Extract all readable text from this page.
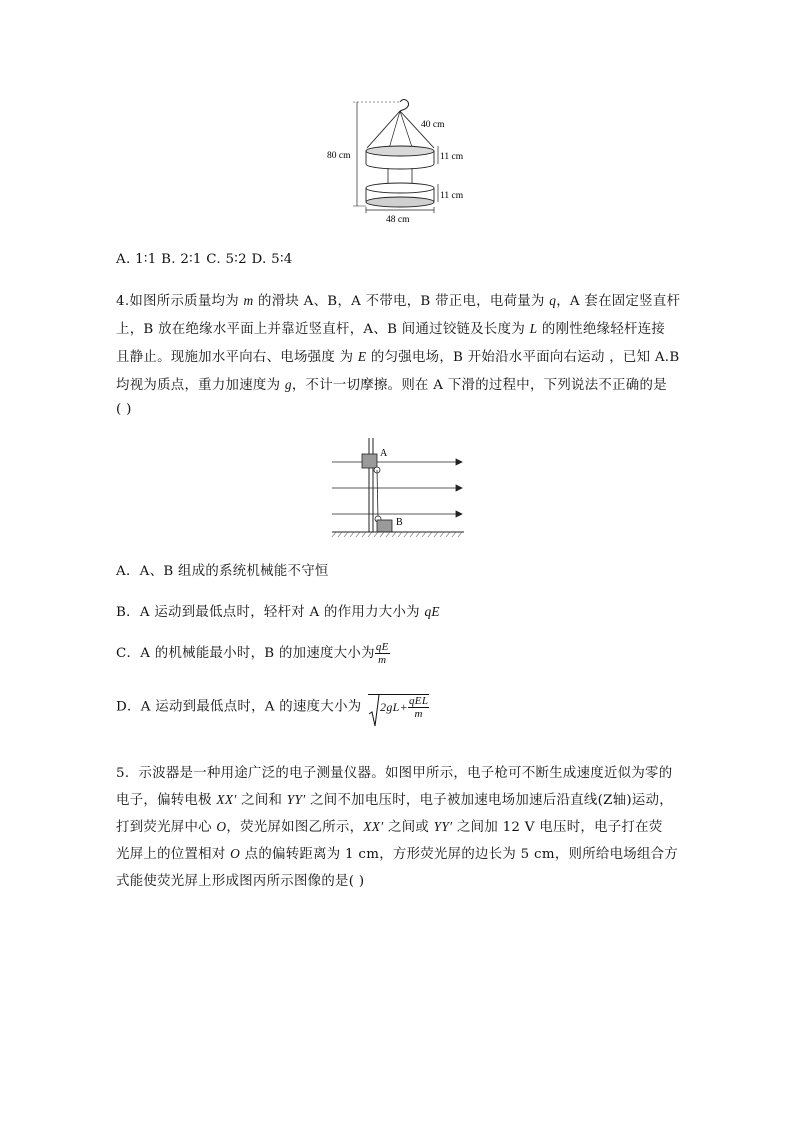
40 cm
80 cm	11 cm
11 cm
48 cm
A. 1∶1 B. 2∶1 C. 5∶2 D. 5∶4
4.如图所示质量均为 m 的滑块 A、B，A 不带电，B 带正电，电荷量为 q，A 套在固定竖直杆
上，B 放在绝缘水平面上并靠近竖直杆，A、B 间通过铰链及长度为 L 的刚性绝缘轻杆连接
且静止。现施加水平向右、电场强度 为 E 的匀强电场，B 开始沿水平面向右运动 ，已知 A.B
均视为质点，重力加速度为 g，不计一切摩擦。则在 A 下滑的过程中，下列说法不正确的是
( )
A
B
A．A、B 组成的系统机械能不守恒
B．A 运动到最低点时，轻杆对 A 的作用力大小为 qE
C．A 的机械能最小时，B 的加速度大小为 $\frac{qE}{m}$
D．A 运动到最低点时，A 的速度大小为 $2gL+ \frac{\text{qEL}}{m}$
5．示波器是一种用途广泛的电子测量仪器。如图甲所示，电子枪可不断生成速度近似为零的
电子，偏转电极 XX′ 之间和 YY′ 之间不加电压时，电子被加速电场加速后沿直线(Z轴)运动，
打到荧光屏中心 O，荧光屏如图乙所示，XX′ 之间或 YY′ 之间加 12 V 电压时，电子打在荧
光屏上的位置相对 O 点的偏转距离为 1 cm，方形荧光屏的边长为 5 cm，则所给电场组合方
式能使荧光屏上形成图丙所示图像的是( )
